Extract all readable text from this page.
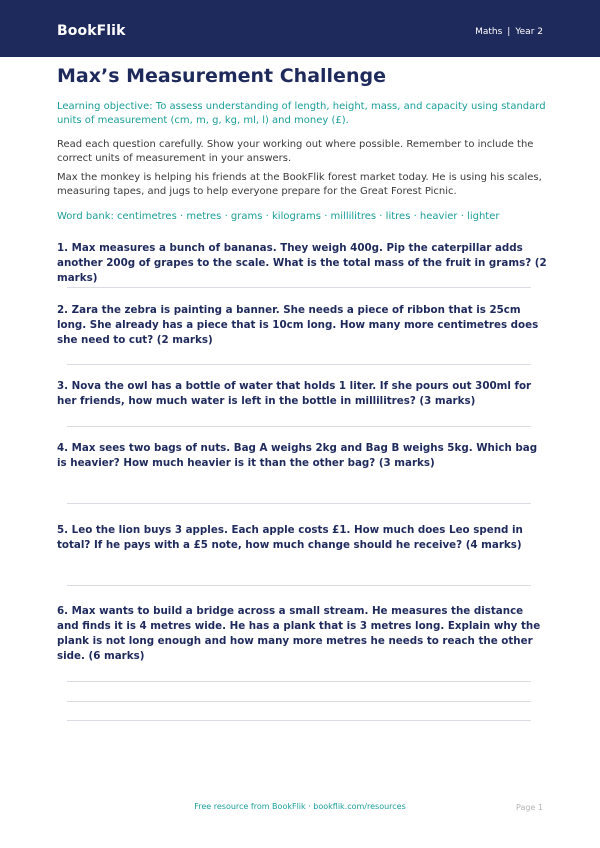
BookFlik	Maths | Year 2
Max’s Measurement Challenge
Learning objective: To assess understanding of length, height, mass, and capacity using standard units of measurement (cm, m, g, kg, ml, l) and money (£).
Read each question carefully. Show your working out where possible. Remember to include the correct units of measurement in your answers.
Max the monkey is helping his friends at the BookFlik forest market today. He is using his scales, measuring tapes, and jugs to help everyone prepare for the Great Forest Picnic.
Word bank: centimetres · metres · grams · kilograms · millilitres · litres · heavier · lighter
1. Max measures a bunch of bananas. They weigh 400g. Pip the caterpillar adds another 200g of grapes to the scale. What is the total mass of the fruit in grams? (2 marks)
2. Zara the zebra is painting a banner. She needs a piece of ribbon that is 25cm long. She already has a piece that is 10cm long. How many more centimetres does she need to cut? (2 marks)
3. Nova the owl has a bottle of water that holds 1 liter. If she pours out 300ml for her friends, how much water is left in the bottle in millilitres? (3 marks)
4. Max sees two bags of nuts. Bag A weighs 2kg and Bag B weighs 5kg. Which bag is heavier? How much heavier is it than the other bag? (3 marks)
5. Leo the lion buys 3 apples. Each apple costs £1. How much does Leo spend in total? If he pays with a £5 note, how much change should he receive? (4 marks)
6. Max wants to build a bridge across a small stream. He measures the distance and finds it is 4 metres wide. He has a plank that is 3 metres long. Explain why the plank is not long enough and how many more metres he needs to reach the other side. (6 marks)
Free resource from BookFlik · bookflik.com/resources	Page 1
